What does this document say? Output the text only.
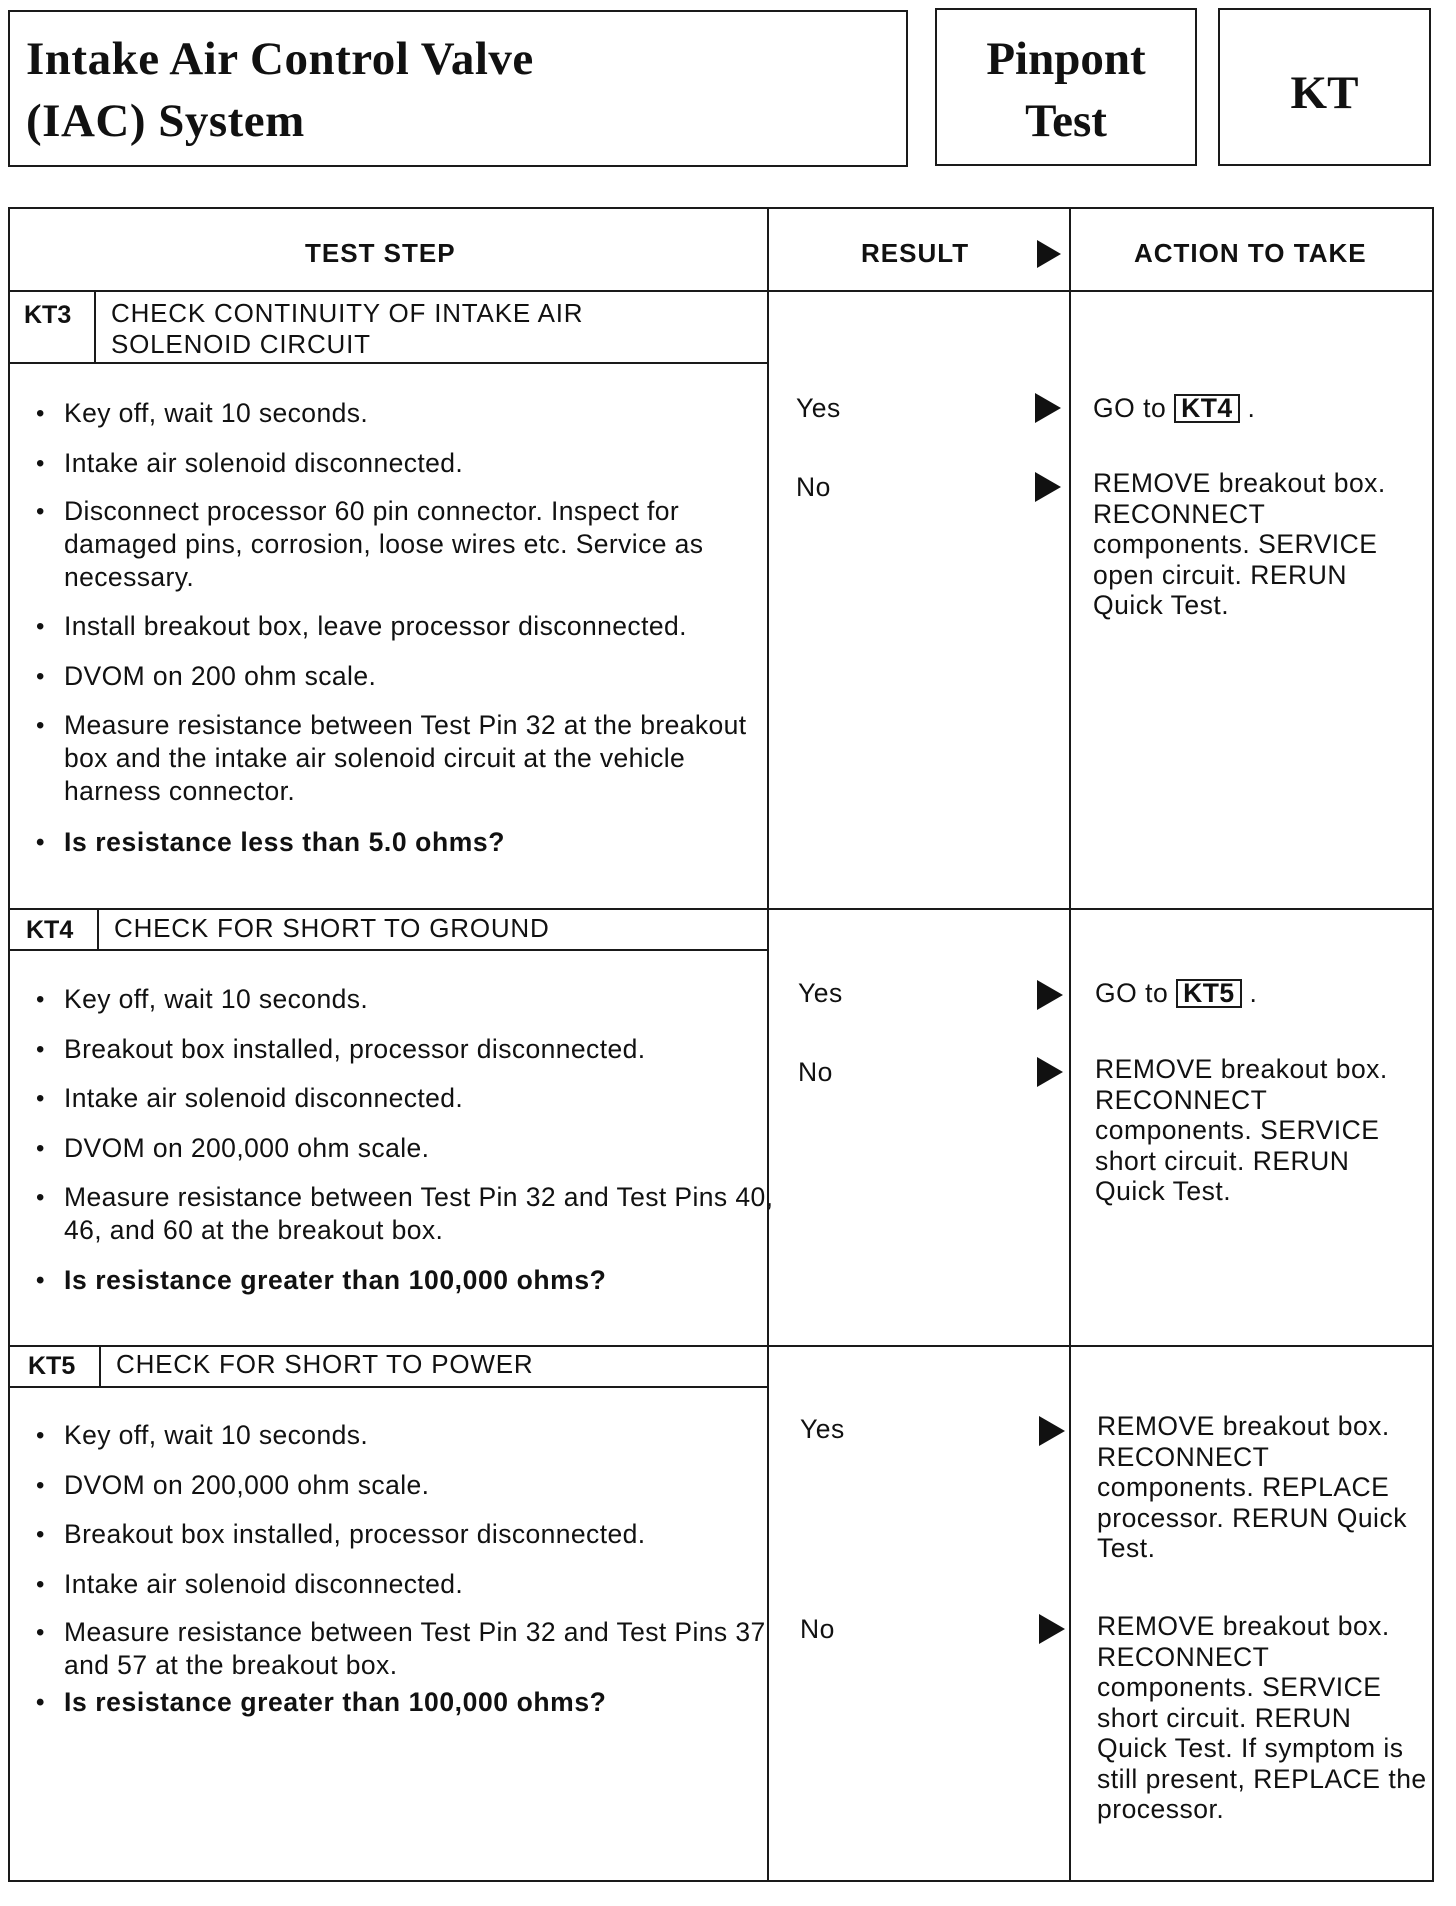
Intake Air Control Valve
(IAC) System
Pinpont
Test
KT
TEST STEP	RESULT	ACTION TO TAKE
KT3 CHECK CONTINUITY OF INTAKE AIR
SOLENOID CIRCUIT
• Key off, wait 10 seconds.
• Intake air solenoid disconnected.
• Disconnect processor 60 pin connector. Inspect for damaged pins, corrosion, loose wires etc. Service as necessary.
• Install breakout box, leave processor disconnected.
• DVOM on 200 ohm scale.
• Measure resistance between Test Pin 32 at the breakout box and the intake air solenoid circuit at the vehicle harness connector.
• Is resistance less than 5.0 ohms?
Yes	GO to KT4 .
No	REMOVE breakout box. RECONNECT components. SERVICE open circuit. RERUN Quick Test.
KT4 CHECK FOR SHORT TO GROUND
• Key off, wait 10 seconds.
• Breakout box installed, processor disconnected.
• Intake air solenoid disconnected.
• DVOM on 200,000 ohm scale.
• Measure resistance between Test Pin 32 and Test Pins 40, 46, and 60 at the breakout box.
• Is resistance greater than 100,000 ohms?
Yes	GO to KT5 .
No	REMOVE breakout box. RECONNECT components. SERVICE short circuit. RERUN Quick Test.
KT5 CHECK FOR SHORT TO POWER
• Key off, wait 10 seconds.
• DVOM on 200,000 ohm scale.
• Breakout box installed, processor disconnected.
• Intake air solenoid disconnected.
• Measure resistance between Test Pin 32 and Test Pins 37 and 57 at the breakout box.
• Is resistance greater than 100,000 ohms?
Yes	REMOVE breakout box. RECONNECT components. REPLACE processor. RERUN Quick Test.
No	REMOVE breakout box. RECONNECT components. SERVICE short circuit. RERUN Quick Test. If symptom is still present, REPLACE the processor.
